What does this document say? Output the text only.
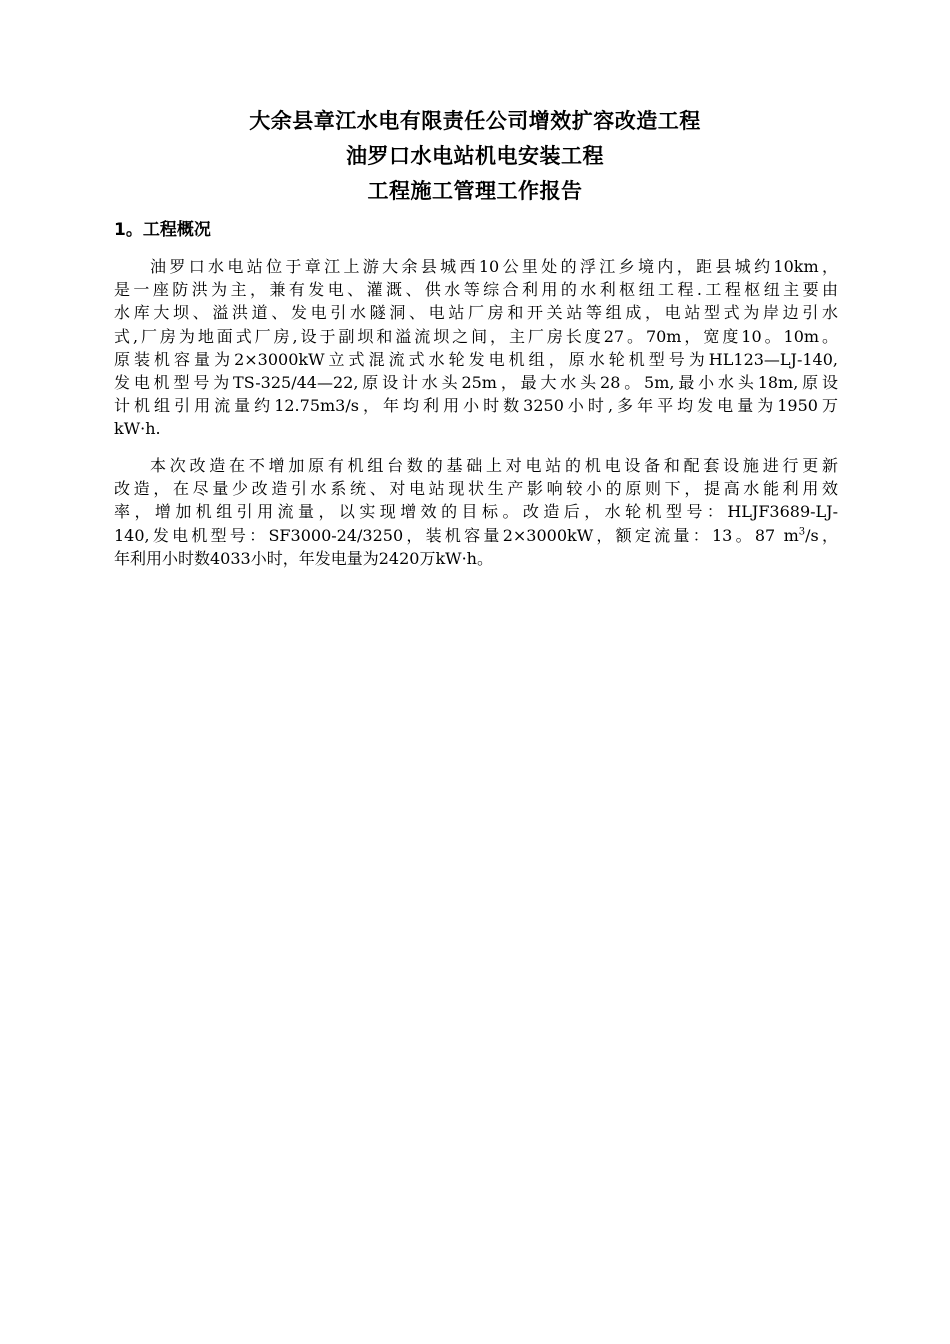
大余县章江水电有限责任公司增效扩容改造工程
油罗口水电站机电安装工程
工程施工管理工作报告
1。工程概况
油罗口水电站位于章江上游大余县城西10公里处的浮江乡境内，距县城约10km，
是一座防洪为主，兼有发电、灌溉、供水等综合利用的水利枢纽工程.工程枢纽主要由
水库大坝、溢洪道、发电引水隧洞、电站厂房和开关站等组成，电站型式为岸边引水
式,厂房为地面式厂房,设于副坝和溢流坝之间，主厂房长度27。70m，宽度10。10m。
原装机容量为2×3000kW立式混流式水轮发电机组，原水轮机型号为HL123—LJ-140,
发电机型号为TS-325/44—22,原设计水头25m，最大水头28。5m,最小水头18m,原设
计机组引用流量约12.75m3/s，年均利用小时数3250小时,多年平均发电量为1950万
kW·h.
本次改造在不增加原有机组台数的基础上对电站的机电设备和配套设施进行更新
改造，在尽量少改造引水系统、对电站现状生产影响较小的原则下，提高水能利用效
率，增加机组引用流量，以实现增效的目标。改造后，水轮机型号：HLJF3689-LJ-
140,发电机型号：SF3000-24/3250，装机容量2×3000kW，额定流量：13。87 $m^3/s$，
年利用小时数4033小时，年发电量为2420万kW·h。
